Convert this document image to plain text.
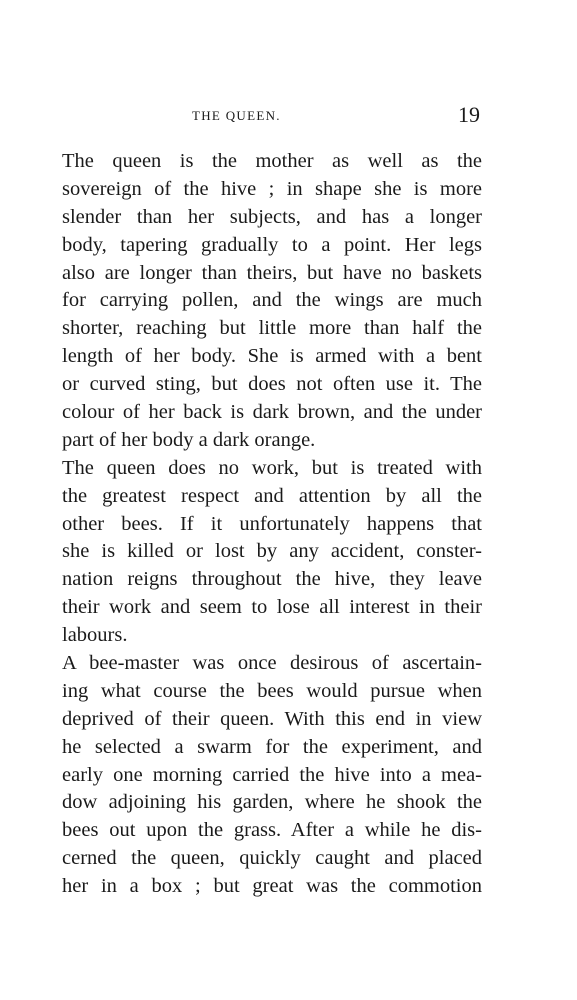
THE QUEEN.	19
The queen is the mother as well as the
sovereign of the hive ; in shape she is more
slender than her subjects, and has a longer
body, tapering gradually to a point. Her legs
also are longer than theirs, but have no baskets
for carrying pollen, and the wings are much
shorter, reaching but little more than half the
length of her body. She is armed with a bent
or curved sting, but does not often use it. The
colour of her back is dark brown, and the under
part of her body a dark orange.
The queen does no work, but is treated with
the greatest respect and attention by all the
other bees. If it unfortunately happens that
she is killed or lost by any accident, conster-
nation reigns throughout the hive, they leave
their work and seem to lose all interest in their
labours.
A bee-master was once desirous of ascertain-
ing what course the bees would pursue when
deprived of their queen. With this end in view
he selected a swarm for the experiment, and
early one morning carried the hive into a mea-
dow adjoining his garden, where he shook the
bees out upon the grass. After a while he dis-
cerned the queen, quickly caught and placed
her in a box ; but great was the commotion
